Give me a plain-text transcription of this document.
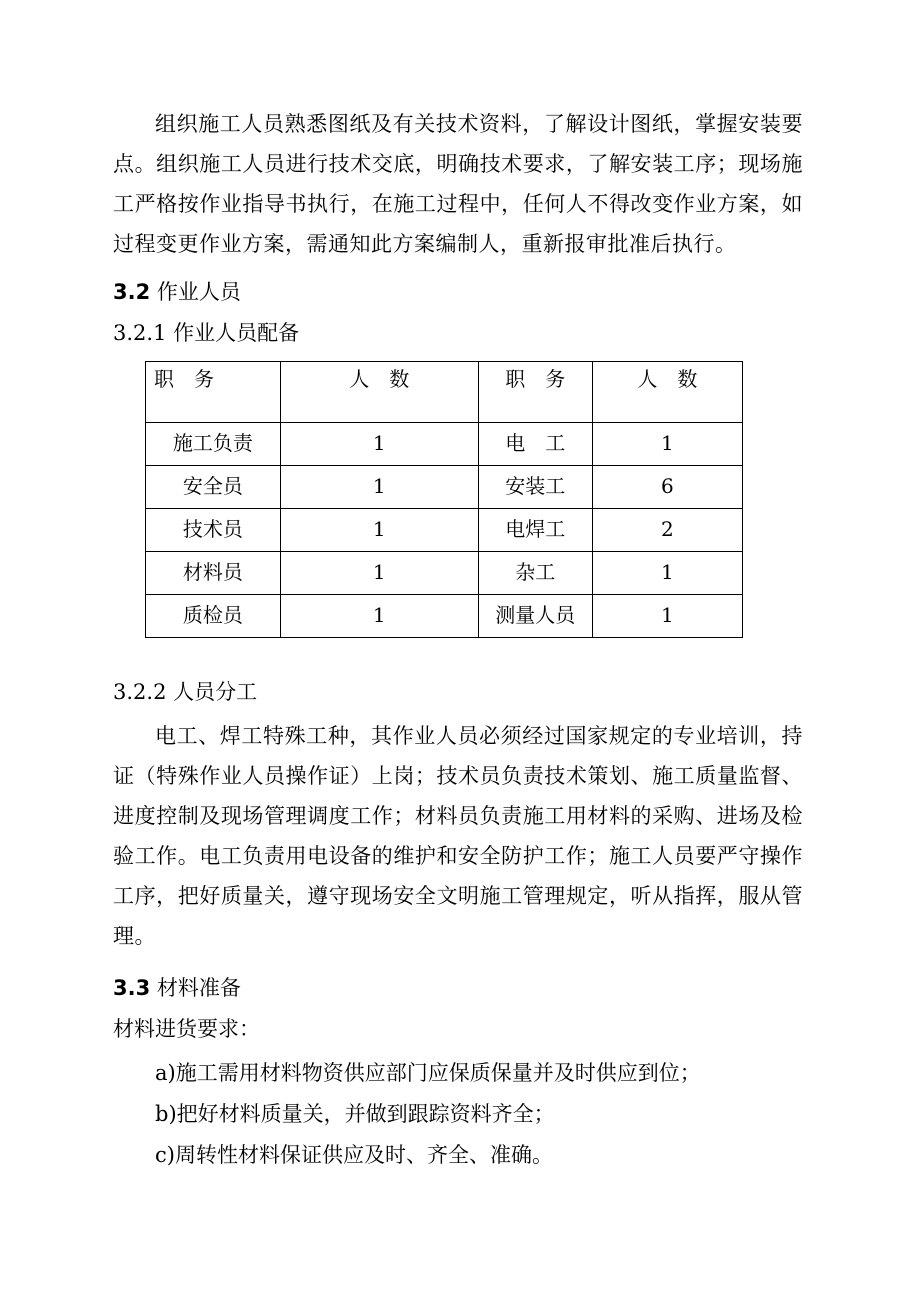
组织施工人员熟悉图纸及有关技术资料，了解设计图纸，掌握安装要点。组织施工人员进行技术交底，明确技术要求，了解安装工序；现场施工严格按作业指导书执行，在施工过程中，任何人不得改变作业方案，如过程变更作业方案，需通知此方案编制人，重新报审批准后执行。

3.2 作业人员
3.2.1 作业人员配备
职　务	人　数	职　务	人　数
施工负责	1	电　工	1
安全员	1	安装工	6
技术员	1	电焊工	2
材料员	1	杂工	1
质检员	1	测量人员	1
3.2.2 人员分工

电工、焊工特殊工种，其作业人员必须经过国家规定的专业培训，持证（特殊作业人员操作证）上岗；技术员负责技术策划、施工质量监督、进度控制及现场管理调度工作；材料员负责施工用材料的采购、进场及检验工作。电工负责用电设备的维护和安全防护工作；施工人员要严守操作工序，把好质量关，遵守现场安全文明施工管理规定，听从指挥，服从管理。

3.3 材料准备
材料进货要求：
a)施工需用材料物资供应部门应保质保量并及时供应到位；
b)把好材料质量关，并做到跟踪资料齐全；
c)周转性材料保证供应及时、齐全、准确。
